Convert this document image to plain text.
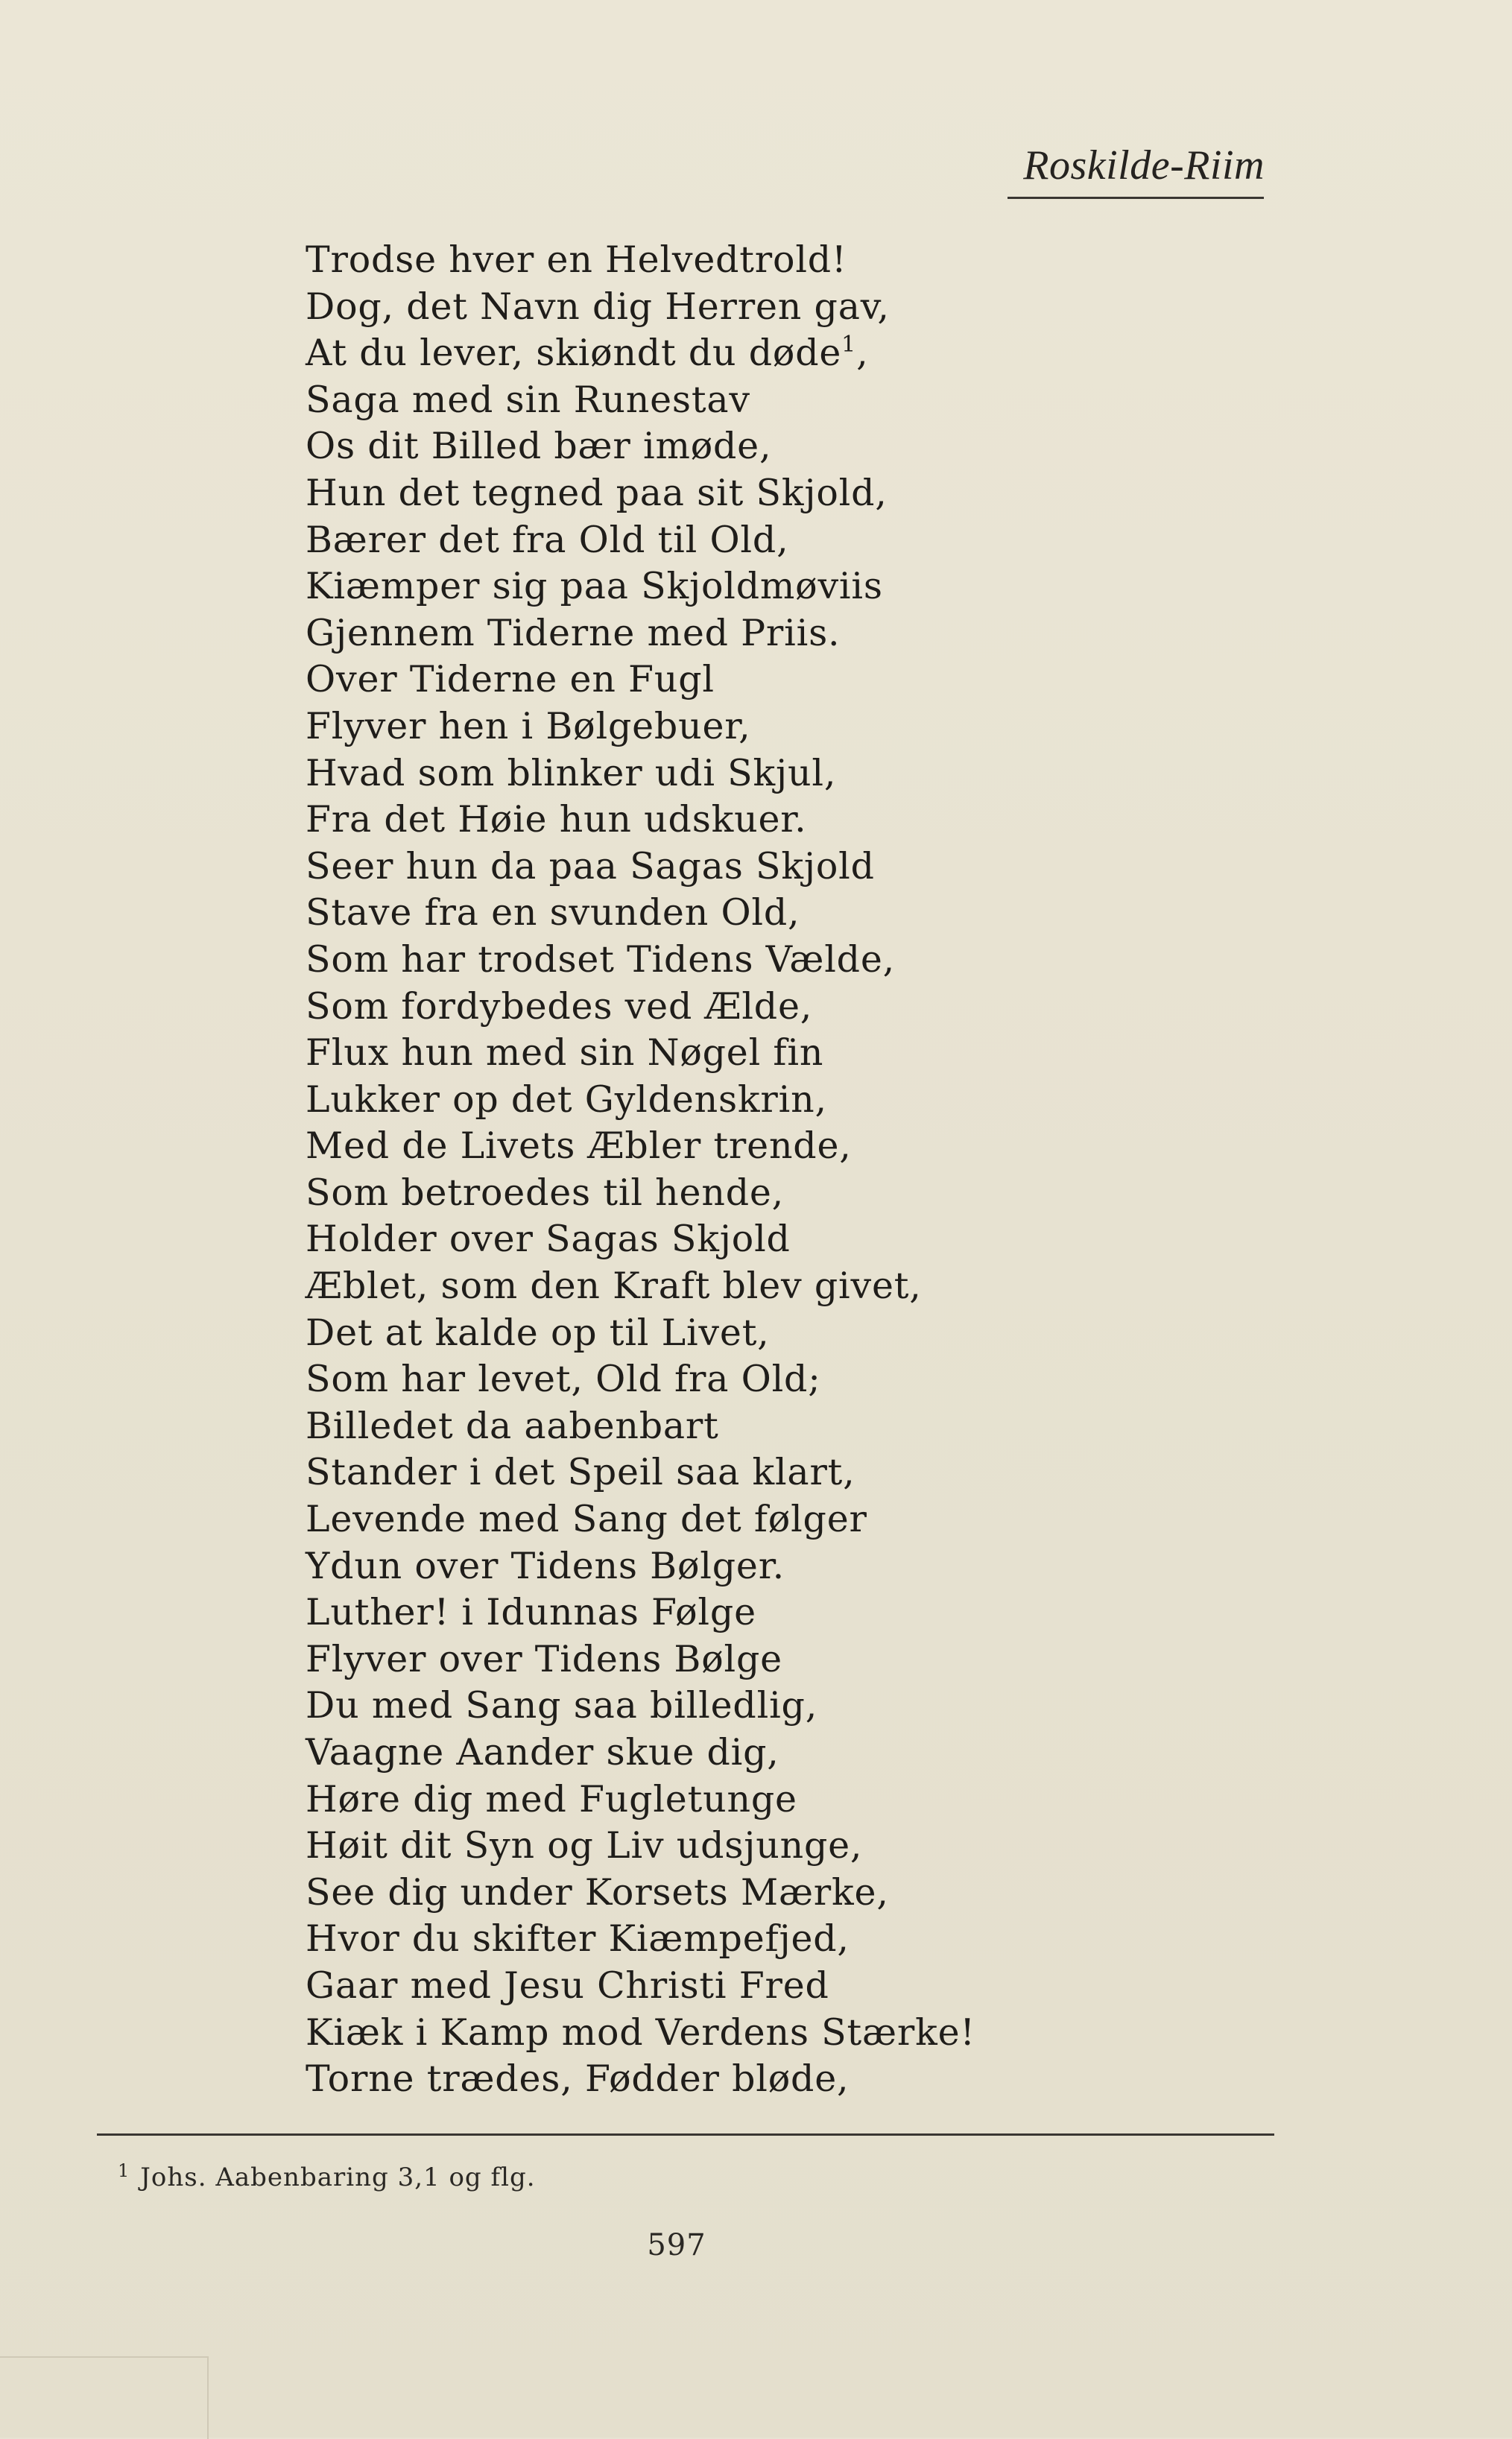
Roskilde-Riim
Trodse hver en Helvedtrold!
Dog, det Navn dig Herren gav,
At du lever, skiøndt du døde$^1$,
Saga med sin Runestav
Os dit Billed bær imøde,
Hun det tegned paa sit Skjold,
Bærer det fra Old til Old,
Kiæmper sig paa Skjoldmøviis
Gjennem Tiderne med Priis.
Over Tiderne en Fugl
Flyver hen i Bølgebuer,
Hvad som blinker udi Skjul,
Fra det Høie hun udskuer.
Seer hun da paa Sagas Skjold
Stave fra en svunden Old,
Som har trodset Tidens Vælde,
Som fordybedes ved Ælde,
Flux hun med sin Nøgel fin
Lukker op det Gyldenskrin,
Med de Livets Æbler trende,
Som betroedes til hende,
Holder over Sagas Skjold
Æblet, som den Kraft blev givet,
Det at kalde op til Livet,
Som har levet, Old fra Old;
Billedet da aabenbart
Stander i det Speil saa klart,
Levende med Sang det følger
Ydun over Tidens Bølger.
Luther! i Idunnas Følge
Flyver over Tidens Bølge
Du med Sang saa billedlig,
Vaagne Aander skue dig,
Høre dig med Fugletunge
Høit dit Syn og Liv udsjunge,
See dig under Korsets Mærke,
Hvor du skifter Kiæmpefjed,
Gaar med Jesu Christi Fred
Kiæk i Kamp mod Verdens Stærke!
Torne trædes, Fødder bløde,
$^1$ Johs. Aabenbaring 3,1 og flg.
597
